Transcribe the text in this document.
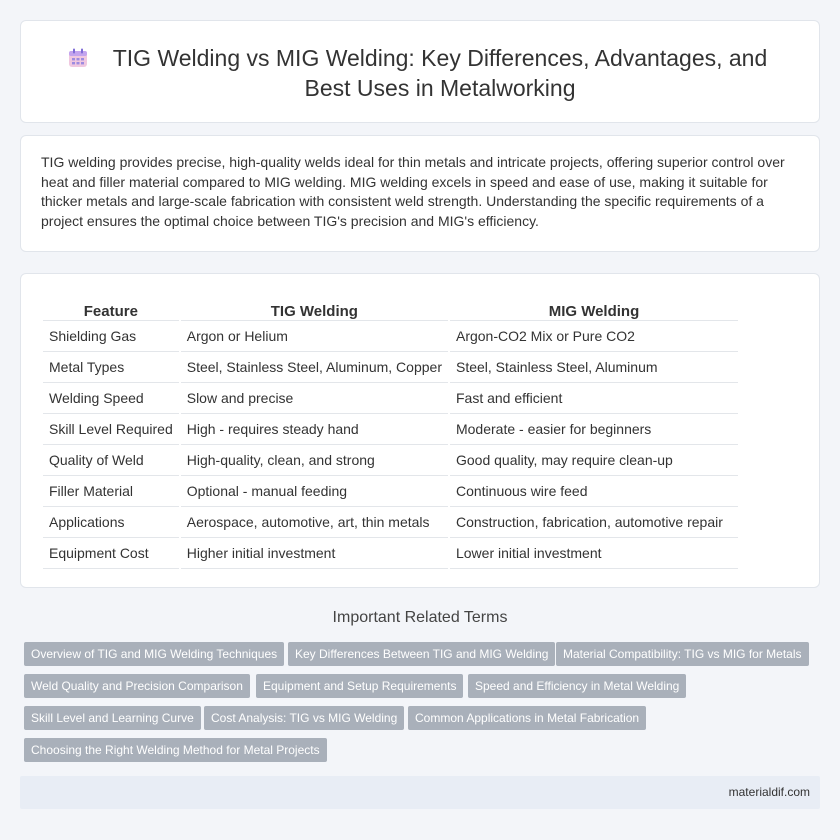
TIG Welding vs MIG Welding: Key Differences, Advantages, and Best Uses in Metalworking

TIG welding provides precise, high-quality welds ideal for thin metals and intricate projects, offering superior control over heat and filler material compared to MIG welding. MIG welding excels in speed and ease of use, making it suitable for thicker metals and large-scale fabrication with consistent weld strength. Understanding the specific requirements of a project ensures the optimal choice between TIG's precision and MIG's efficiency.

Feature	TIG Welding	MIG Welding
Shielding Gas	Argon or Helium	Argon-CO2 Mix or Pure CO2
Metal Types	Steel, Stainless Steel, Aluminum, Copper	Steel, Stainless Steel, Aluminum
Welding Speed	Slow and precise	Fast and efficient
Skill Level Required	High - requires steady hand	Moderate - easier for beginners
Quality of Weld	High-quality, clean, and strong	Good quality, may require clean-up
Filler Material	Optional - manual feeding	Continuous wire feed
Applications	Aerospace, automotive, art, thin metals	Construction, fabrication, automotive repair
Equipment Cost	Higher initial investment	Lower initial investment
Important Related Terms
Overview of TIG and MIG Welding Techniques	Key Differences Between TIG and MIG Welding	Material Compatibility: TIG vs MIG for Metals
Weld Quality and Precision Comparison	Equipment and Setup Requirements	Speed and Efficiency in Metal Welding
Skill Level and Learning Curve	Cost Analysis: TIG vs MIG Welding	Common Applications in Metal Fabrication
Choosing the Right Welding Method for Metal Projects
materialdif.com
